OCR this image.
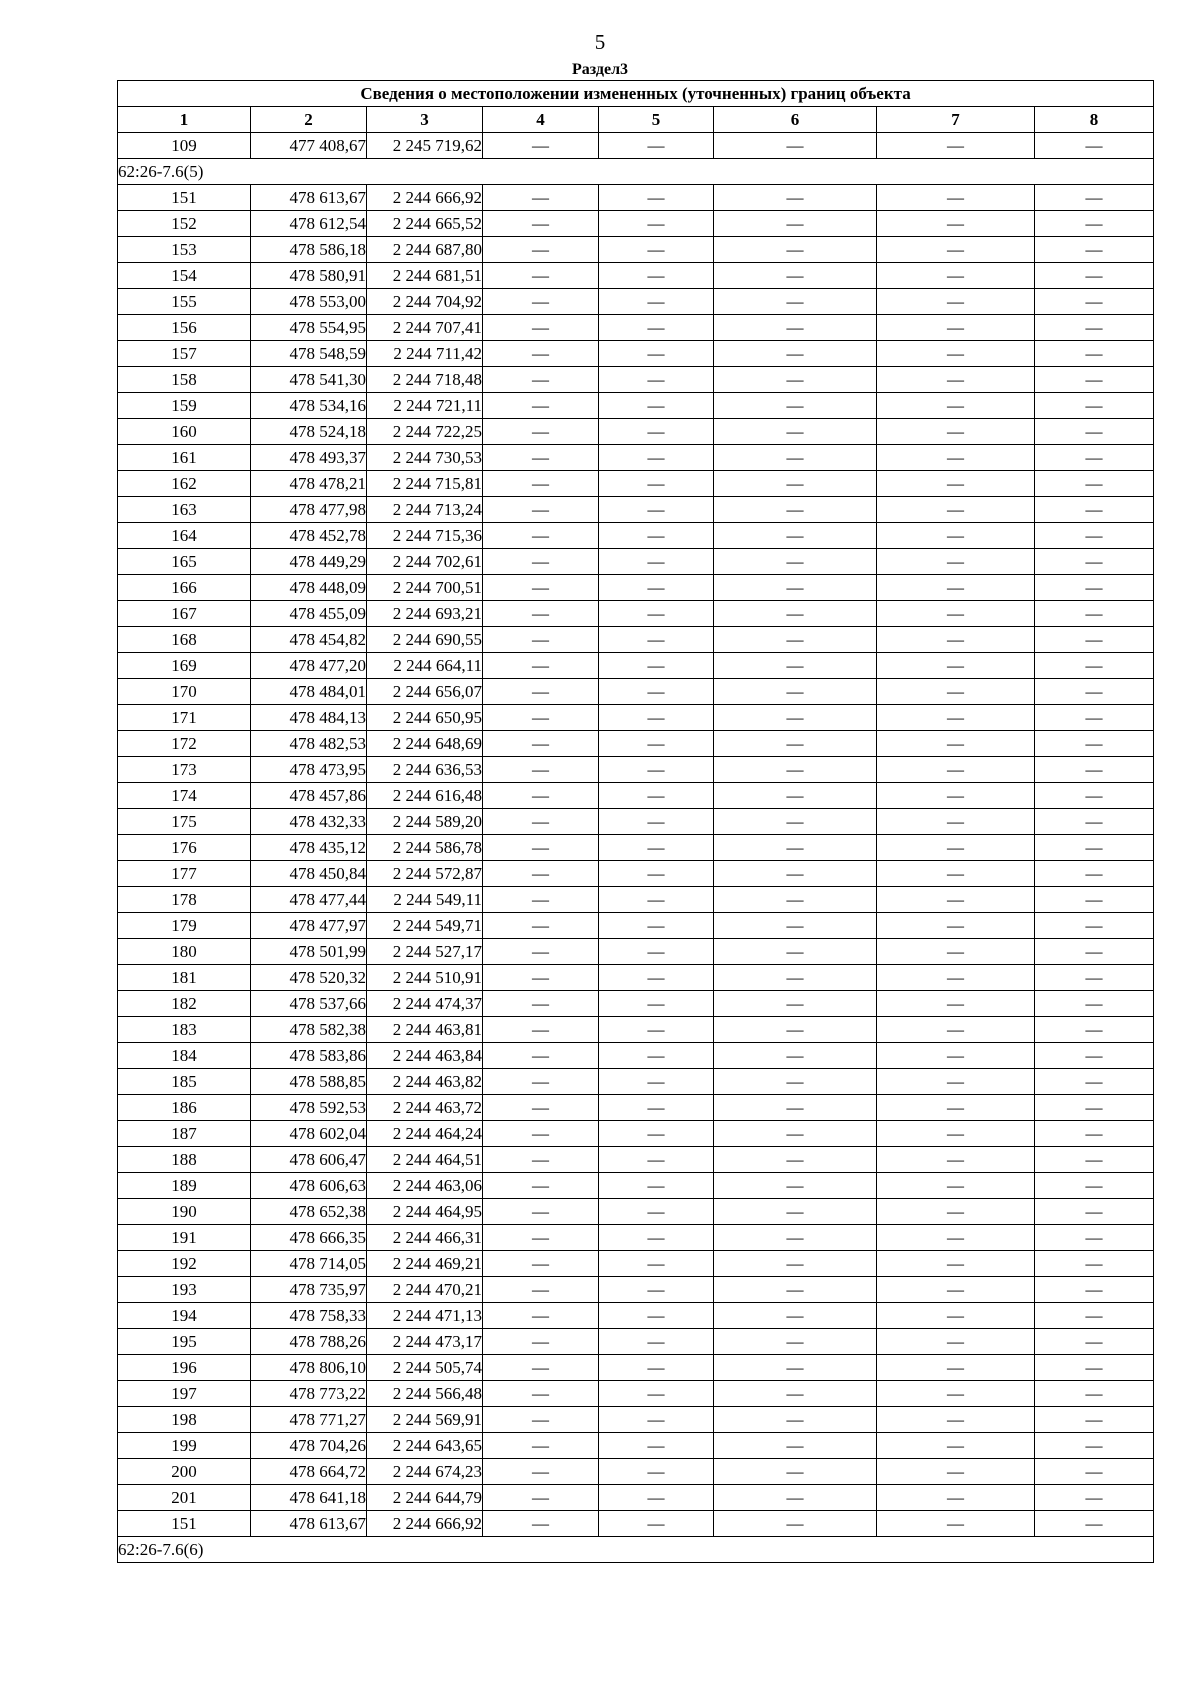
5
Раздел3
Сведения о местоположении измененных (уточненных) границ объекта							
1	2	3	4	5	6	7	8
109	477 408,67	2 245 719,62	—	—	—	—	—
62:26-7.6(5)							
151	478 613,67	2 244 666,92	—	—	—	—	—
152	478 612,54	2 244 665,52	—	—	—	—	—
153	478 586,18	2 244 687,80	—	—	—	—	—
154	478 580,91	2 244 681,51	—	—	—	—	—
155	478 553,00	2 244 704,92	—	—	—	—	—
156	478 554,95	2 244 707,41	—	—	—	—	—
157	478 548,59	2 244 711,42	—	—	—	—	—
158	478 541,30	2 244 718,48	—	—	—	—	—
159	478 534,16	2 244 721,11	—	—	—	—	—
160	478 524,18	2 244 722,25	—	—	—	—	—
161	478 493,37	2 244 730,53	—	—	—	—	—
162	478 478,21	2 244 715,81	—	—	—	—	—
163	478 477,98	2 244 713,24	—	—	—	—	—
164	478 452,78	2 244 715,36	—	—	—	—	—
165	478 449,29	2 244 702,61	—	—	—	—	—
166	478 448,09	2 244 700,51	—	—	—	—	—
167	478 455,09	2 244 693,21	—	—	—	—	—
168	478 454,82	2 244 690,55	—	—	—	—	—
169	478 477,20	2 244 664,11	—	—	—	—	—
170	478 484,01	2 244 656,07	—	—	—	—	—
171	478 484,13	2 244 650,95	—	—	—	—	—
172	478 482,53	2 244 648,69	—	—	—	—	—
173	478 473,95	2 244 636,53	—	—	—	—	—
174	478 457,86	2 244 616,48	—	—	—	—	—
175	478 432,33	2 244 589,20	—	—	—	—	—
176	478 435,12	2 244 586,78	—	—	—	—	—
177	478 450,84	2 244 572,87	—	—	—	—	—
178	478 477,44	2 244 549,11	—	—	—	—	—
179	478 477,97	2 244 549,71	—	—	—	—	—
180	478 501,99	2 244 527,17	—	—	—	—	—
181	478 520,32	2 244 510,91	—	—	—	—	—
182	478 537,66	2 244 474,37	—	—	—	—	—
183	478 582,38	2 244 463,81	—	—	—	—	—
184	478 583,86	2 244 463,84	—	—	—	—	—
185	478 588,85	2 244 463,82	—	—	—	—	—
186	478 592,53	2 244 463,72	—	—	—	—	—
187	478 602,04	2 244 464,24	—	—	—	—	—
188	478 606,47	2 244 464,51	—	—	—	—	—
189	478 606,63	2 244 463,06	—	—	—	—	—
190	478 652,38	2 244 464,95	—	—	—	—	—
191	478 666,35	2 244 466,31	—	—	—	—	—
192	478 714,05	2 244 469,21	—	—	—	—	—
193	478 735,97	2 244 470,21	—	—	—	—	—
194	478 758,33	2 244 471,13	—	—	—	—	—
195	478 788,26	2 244 473,17	—	—	—	—	—
196	478 806,10	2 244 505,74	—	—	—	—	—
197	478 773,22	2 244 566,48	—	—	—	—	—
198	478 771,27	2 244 569,91	—	—	—	—	—
199	478 704,26	2 244 643,65	—	—	—	—	—
200	478 664,72	2 244 674,23	—	—	—	—	—
201	478 641,18	2 244 644,79	—	—	—	—	—
151	478 613,67	2 244 666,92	—	—	—	—	—
62:26-7.6(6)							
